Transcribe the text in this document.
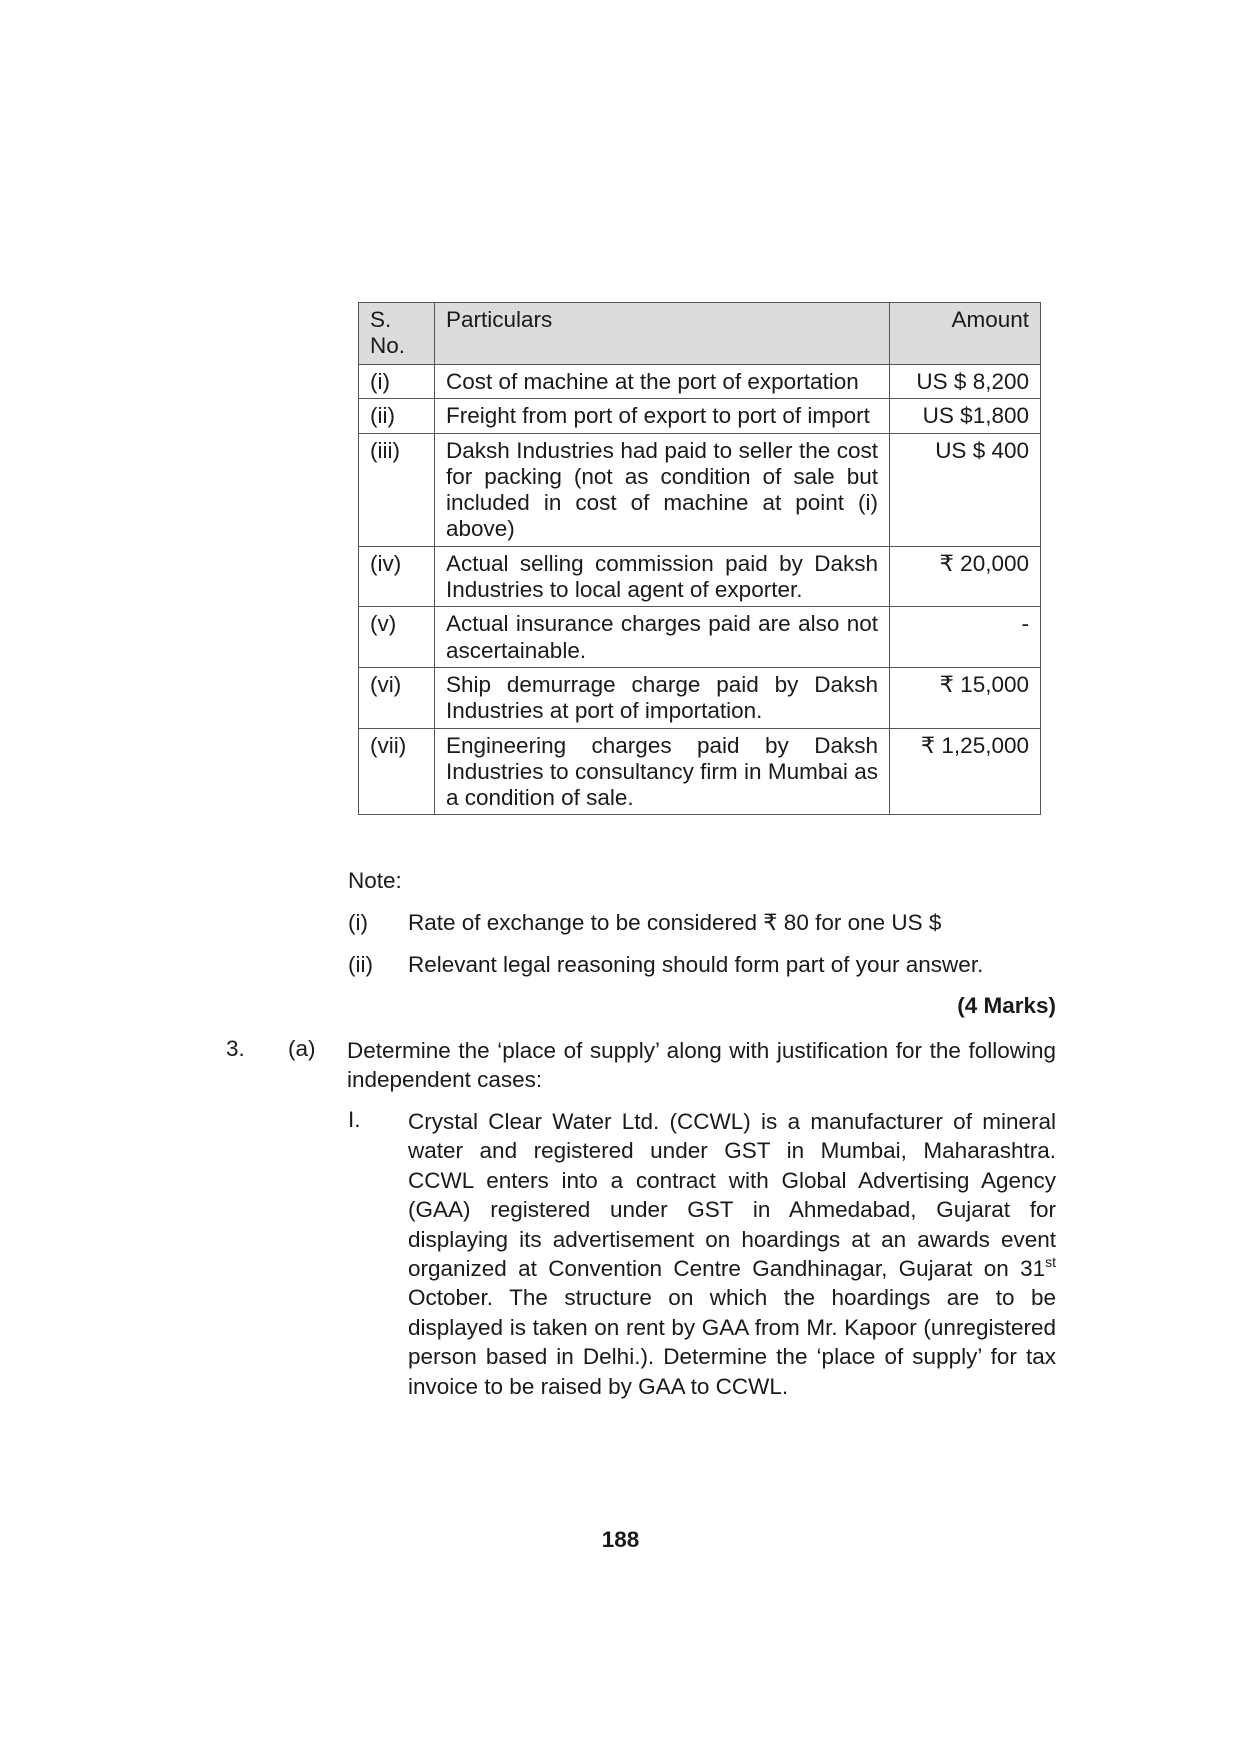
S. No.	Particulars	Amount
(i)	Cost of machine at the port of exportation	US $ 8,200
(ii)	Freight from port of export to port of import	US $1,800
(iii)	Daksh Industries had paid to seller the cost for packing (not as condition of sale but included in cost of machine at point (i) above)	US $ 400
(iv)	Actual selling commission paid by Daksh Industries to local agent of exporter.	₹ 20,000
(v)	Actual insurance charges paid are also not ascertainable.	-
(vi)	Ship demurrage charge paid by Daksh Industries at port of importation.	₹ 15,000
(vii)	Engineering charges paid by Daksh Industries to consultancy firm in Mumbai as a condition of sale.	₹ 1,25,000
Note:
(i) Rate of exchange to be considered ₹ 80 for one US $
(ii) Relevant legal reasoning should form part of your answer.
(4 Marks)
3. (a) Determine the ‘place of supply’ along with justification for the following independent cases:
I. Crystal Clear Water Ltd. (CCWL) is a manufacturer of mineral water and registered under GST in Mumbai, Maharashtra. CCWL enters into a contract with Global Advertising Agency (GAA) registered under GST in Ahmedabad, Gujarat for displaying its advertisement on hoardings at an awards event organized at Convention Centre Gandhinagar, Gujarat on 31st October. The structure on which the hoardings are to be displayed is taken on rent by GAA from Mr. Kapoor (unregistered person based in Delhi.). Determine the ‘place of supply’ for tax invoice to be raised by GAA to CCWL.
188
